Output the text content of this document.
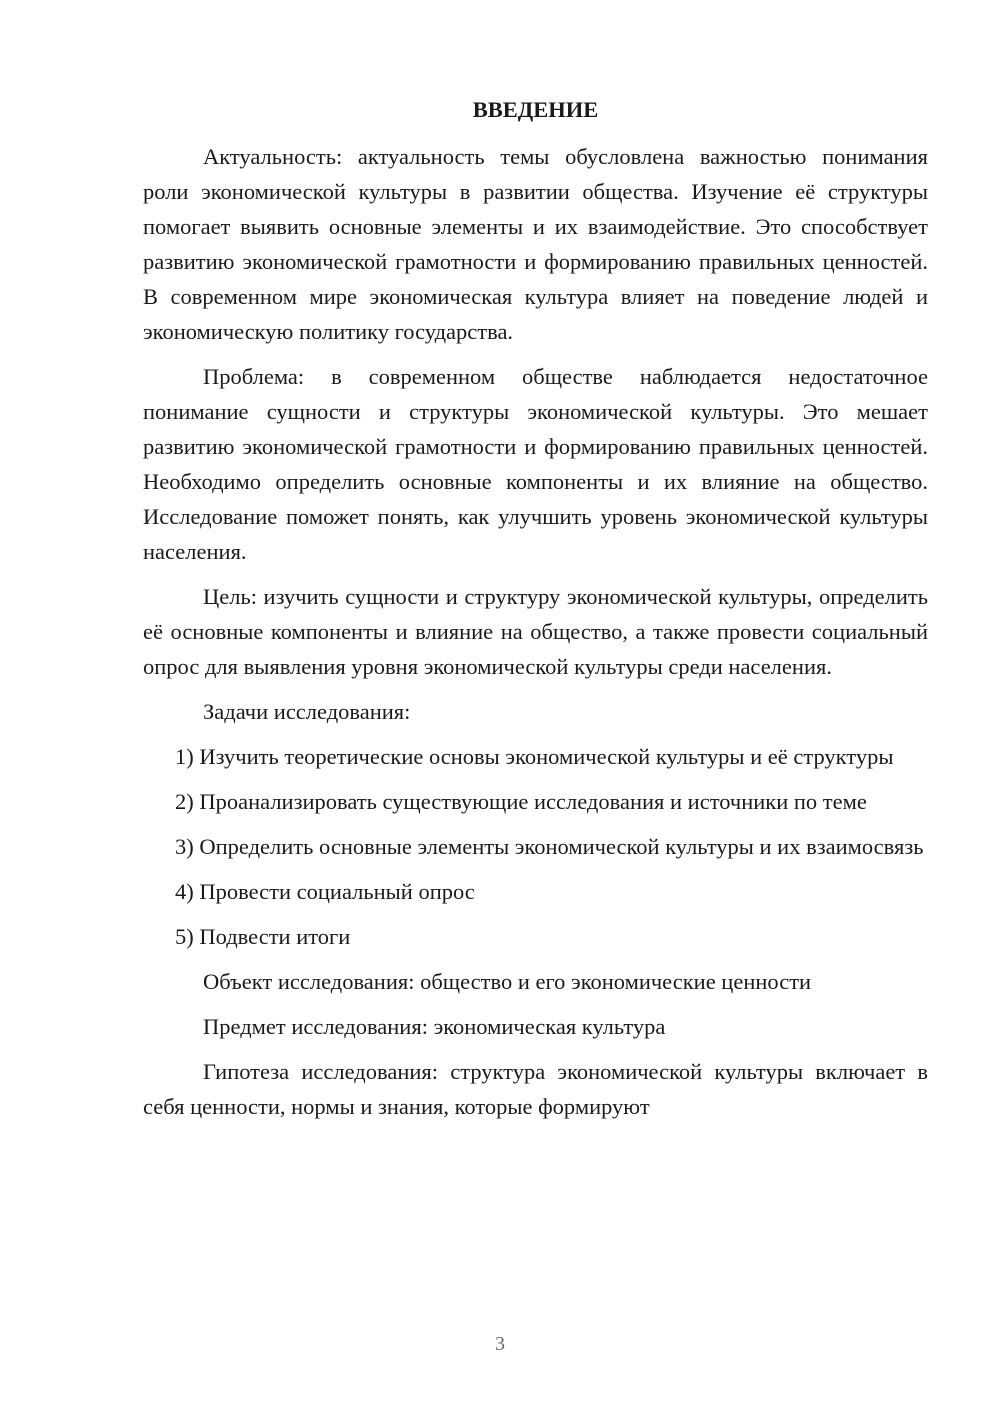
ВВЕДЕНИЕ

Актуальность: актуальность темы обусловлена важностью понимания роли экономической культуры в развитии общества. Изучение её структуры помогает выявить основные элементы и их взаимодействие. Это способствует развитию экономической грамотности и формированию правильных ценностей. В современном мире экономическая культура влияет на поведение людей и экономическую политику государства.

Проблема: в современном обществе наблюдается недостаточное понимание сущности и структуры экономической культуры. Это мешает развитию экономической грамотности и формированию правильных ценностей. Необходимо определить основные компоненты и их влияние на общество. Исследование поможет понять, как улучшить уровень экономической культуры населения.

Цель: изучить сущности и структуру экономической культуры, определить её основные компоненты и влияние на общество, а также провести социальный опрос для выявления уровня экономической культуры среди населения.

Задачи исследования:

1) Изучить теоретические основы экономической культуры и её структуры

2) Проанализировать существующие исследования и источники по теме

3) Определить основные элементы экономической культуры и их взаимосвязь

4) Провести социальный опрос

5) Подвести итоги

Объект исследования: общество и его экономические ценности

Предмет исследования: экономическая культура

Гипотеза исследования: структура экономической культуры включает в себя ценности, нормы и знания, которые формируют

3
